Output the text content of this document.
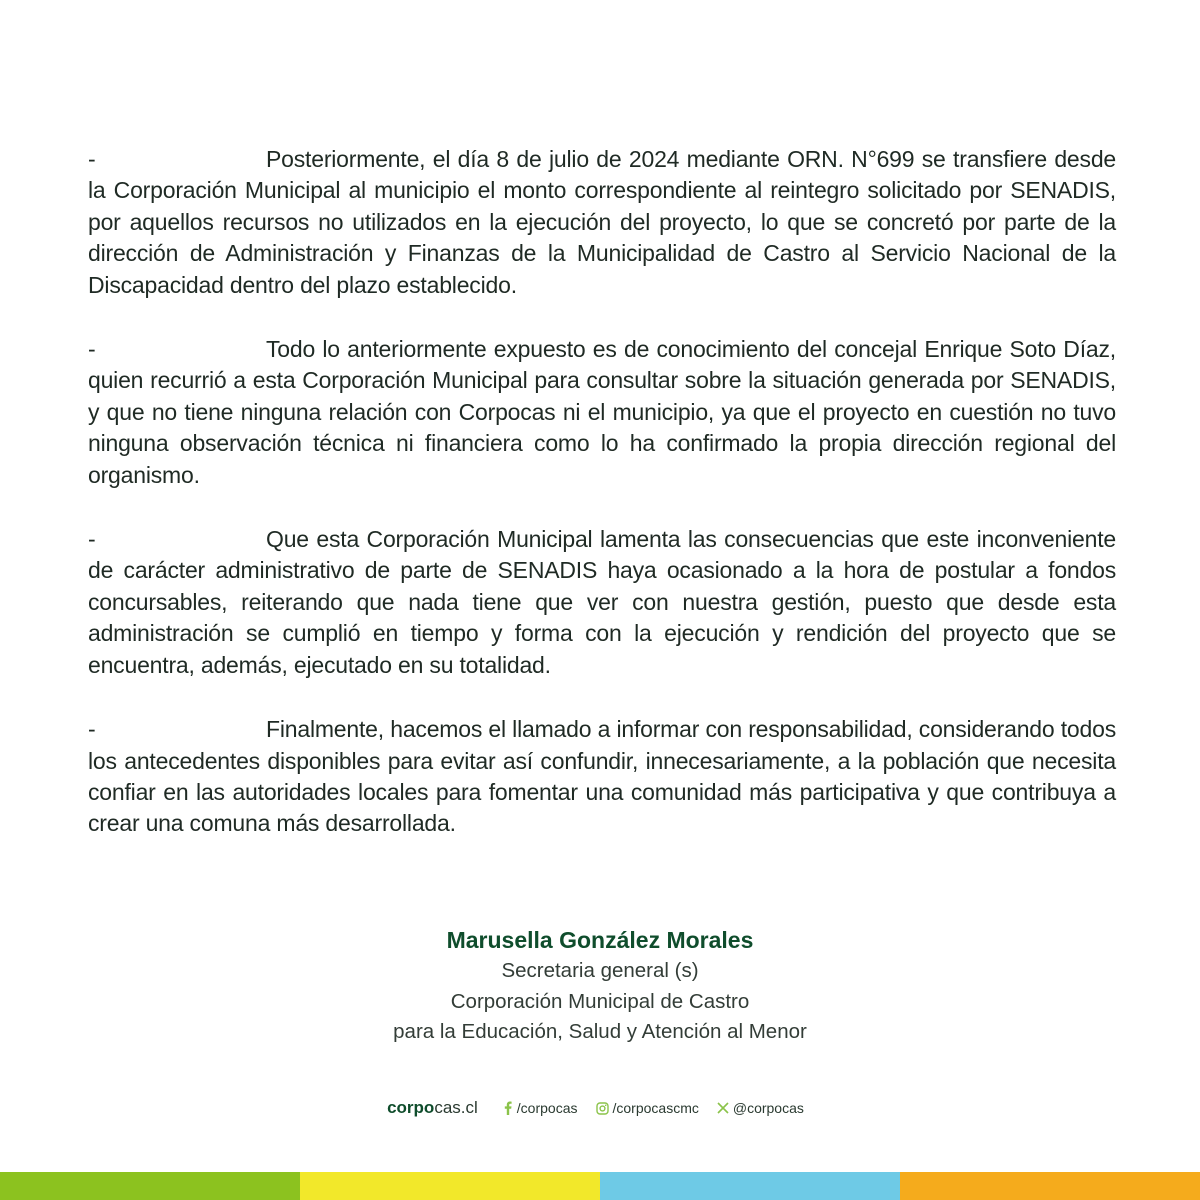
-	Posteriormente, el día 8 de julio de 2024 mediante ORN. N°699 se transfiere desde la Corporación Municipal al municipio el monto correspondiente al reintegro solicitado por SENADIS, por aquellos recursos no utilizados en la ejecución del proyecto, lo que se concretó por parte de la dirección de Administración y Finanzas de la Municipalidad de Castro al Servicio Nacional de la Discapacidad dentro del plazo establecido.
-	Todo lo anteriormente expuesto es de conocimiento del concejal Enrique Soto Díaz, quien recurrió a esta Corporación Municipal para consultar sobre la situación generada por SENADIS, y que no tiene ninguna relación con Corpocas ni el municipio, ya que el proyecto en cuestión no tuvo ninguna observación técnica ni financiera como lo ha confirmado la propia dirección regional del organismo.
-	Que esta Corporación Municipal lamenta las consecuencias que este inconveniente de carácter administrativo de parte de SENADIS haya ocasionado a la hora de postular a fondos concursables, reiterando que nada tiene que ver con nuestra gestión, puesto que desde esta administración se cumplió en tiempo y forma con la ejecución y rendición del proyecto que se encuentra, además, ejecutado en su totalidad.
-	Finalmente, hacemos el llamado a informar con responsabilidad, considerando todos los antecedentes disponibles para evitar así confundir, innecesariamente, a la población que necesita confiar en las autoridades locales para fomentar una comunidad más participativa y que contribuya a crear una comuna más desarrollada.
Marusella González Morales
Secretaria general (s)
Corporación Municipal de Castro
para la Educación, Salud y Atención al Menor
corpocas.cl	/corpocas	/corpocascmc @corpocas
